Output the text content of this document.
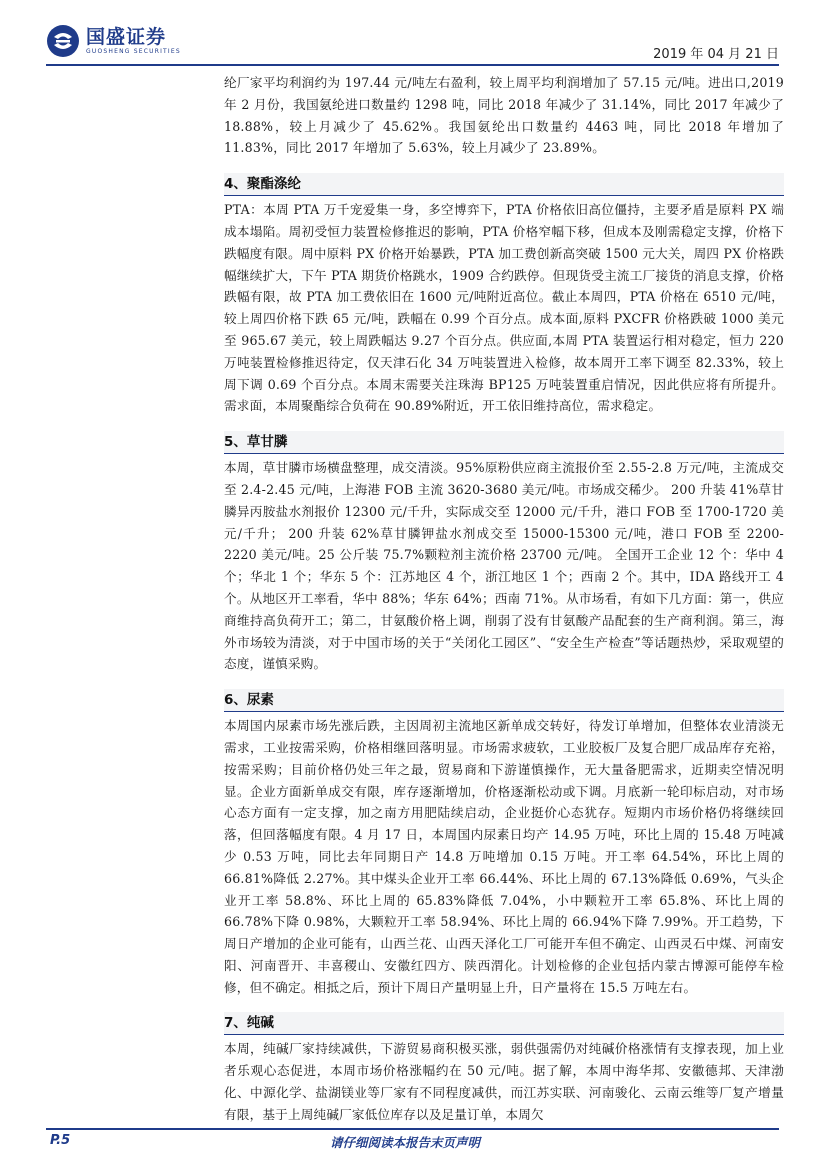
国盛证券
GUOSHENG SECURITIES	2019 年 04 月 21 日

纶厂家平均利润约为 197.44 元/吨左右盈利，较上周平均利润增加了 57.15 元/吨。进出口,2019 年 2 月份，我国氨纶进口数量约 1298 吨，同比 2018 年减少了 31.14%，同比 2017 年减少了 18.88%，较上月减少了 45.62%。我国氨纶出口数量约 4463 吨，同比 2018 年增加了 11.83%，同比 2017 年增加了 5.63%，较上月减少了 23.89%。

4、聚酯涤纶

PTA：本周 PTA 万千宠爱集一身，多空博弈下，PTA 价格依旧高位僵持，主要矛盾是原料 PX 端成本塌陷。周初受恒力装置检修推迟的影响，PTA 价格窄幅下移，但成本及刚需稳定支撑，价格下跌幅度有限。周中原料 PX 价格开始暴跌，PTA 加工费创新高突破 1500 元大关，周四 PX 价格跌幅继续扩大，下午 PTA 期货价格跳水，1909 合约跌停。但现货受主流工厂接货的消息支撑，价格跌幅有限，故 PTA 加工费依旧在 1600 元/吨附近高位。截止本周四，PTA 价格在 6510 元/吨，较上周四价格下跌 65 元/吨，跌幅在 0.99 个百分点。成本面,原料 PXCFR 价格跌破 1000 美元至 965.67 美元，较上周跌幅达 9.27 个百分点。供应面,本周 PTA 装置运行相对稳定，恒力 220 万吨装置检修推迟待定，仅天津石化 34 万吨装置进入检修，故本周开工率下调至 82.33%，较上周下调 0.69 个百分点。本周末需要关注珠海 BP125 万吨装置重启情况，因此供应将有所提升。需求面，本周聚酯综合负荷在 90.89%附近，开工依旧维持高位，需求稳定。

5、草甘膦

本周，草甘膦市场横盘整理，成交清淡。95%原粉供应商主流报价至 2.55-2.8 万元/吨，主流成交至 2.4-2.45 元/吨，上海港 FOB 主流 3620-3680 美元/吨。市场成交稀少。 200 升装 41%草甘膦异丙胺盐水剂报价 12300 元/千升，实际成交至 12000 元/千升，港口 FOB 至 1700-1720 美元/千升； 200 升装 62%草甘膦钾盐水剂成交至 15000-15300 元/吨，港口 FOB 至 2200-2220 美元/吨。25 公斤装 75.7%颗粒剂主流价格 23700 元/吨。 全国开工企业 12 个：华中 4 个；华北 1 个；华东 5 个：江苏地区 4 个，浙江地区 1 个；西南 2 个。其中，IDA 路线开工 4 个。从地区开工率看，华中 88%；华东 64%；西南 71%。从市场看，有如下几方面：第一，供应商维持高负荷开工；第二，甘氨酸价格上调，削弱了没有甘氨酸产品配套的生产商利润。第三，海外市场较为清淡，对于中国市场的关于“关闭化工园区”、“安全生产检查”等话题热炒，采取观望的态度，谨慎采购。

6、尿素

本周国内尿素市场先涨后跌，主因周初主流地区新单成交转好，待发订单增加，但整体农业清淡无需求，工业按需采购，价格相继回落明显。市场需求疲软，工业胶板厂及复合肥厂成品库存充裕，按需采购；目前价格仍处三年之最，贸易商和下游谨慎操作，无大量备肥需求，近期卖空情况明显。企业方面新单成交有限，库存逐渐增加，价格逐渐松动或下调。月底新一轮印标启动，对市场心态方面有一定支撑，加之南方用肥陆续启动，企业挺价心态犹存。短期内市场价格仍将继续回落，但回落幅度有限。4 月 17 日，本周国内尿素日均产 14.95 万吨，环比上周的 15.48 万吨减少 0.53 万吨，同比去年同期日产 14.8 万吨增加 0.15 万吨。开工率 64.54%，环比上周的 66.81%降低 2.27%。其中煤头企业开工率 66.44%、环比上周的 67.13%降低 0.69%，气头企业开工率 58.8%、环比上周的 65.83%降低 7.04%，小中颗粒开工率 65.8%、环比上周的 66.78%下降 0.98%，大颗粒开工率 58.94%、环比上周的 66.94%下降 7.99%。开工趋势，下周日产增加的企业可能有，山西兰花、山西天泽化工厂可能开车但不确定、山西灵石中煤、河南安阳、河南晋开、丰喜稷山、安徽红四方、陕西渭化。计划检修的企业包括内蒙古博源可能停车检修，但不确定。相抵之后，预计下周日产量明显上升，日产量将在 15.5 万吨左右。

7、纯碱

本周，纯碱厂家持续减供，下游贸易商积极买涨，弱供强需仍对纯碱价格涨情有支撑表现，加上业者乐观心态促进，本周市场价格涨幅约在 50 元/吨。据了解，本周中海华邦、安徽德邦、天津渤化、中源化学、盐湖镁业等厂家有不同程度减供，而江苏实联、河南骏化、云南云维等厂复产增量有限，基于上周纯碱厂家低位库存以及足量订单，本周欠

P.5	请仔细阅读本报告末页声明
